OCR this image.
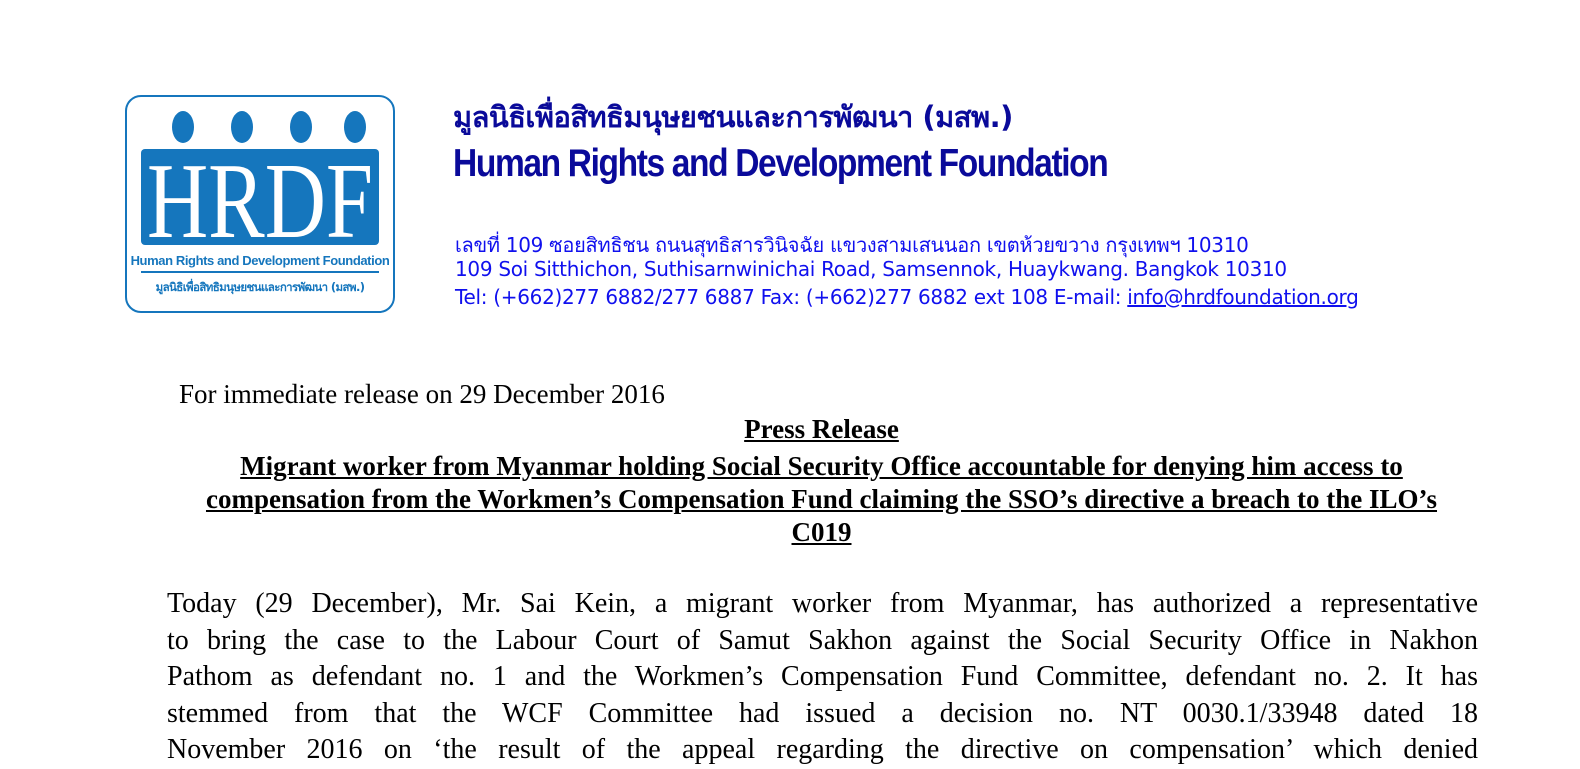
HRDF
Human Rights and Development Foundation
มูลนิธิเพื่อสิทธิมนุษยชนและการพัฒนา (มสพ.)
มูลนิธิเพื่อสิทธิมนุษยชนและการพัฒนา (มสพ.)
Human Rights and Development Foundation
เลขที่ 109 ซอยสิทธิชน ถนนสุทธิสารวินิจฉัย แขวงสามเสนนอก เขตห้วยขวาง กรุงเทพฯ 10310
109 Soi Sitthichon, Suthisarnwinichai Road, Samsennok, Huaykwang. Bangkok 10310
Tel: (+662)277 6882/277 6887 Fax: (+662)277 6882 ext 108 E-mail: info@hrdfoundation.org
For immediate release on 29 December 2016
Press Release
Migrant worker from Myanmar holding Social Security Office accountable for denying him access to compensation from the Workmen’s Compensation Fund claiming the SSO’s directive a breach to the ILO’s C019

Today (29 December), Mr. Sai Kein, a migrant worker from Myanmar, has authorized a representative

to bring the case to the Labour Court of Samut Sakhon against the Social Security Office in Nakhon

Pathom as defendant no. 1 and the Workmen’s Compensation Fund Committee, defendant no. 2. It has

stemmed from that the WCF Committee had issued a decision no. NT 0030.1/33948 dated 18

November 2016 on ‘the result of the appeal regarding the directive on compensation’ which denied
